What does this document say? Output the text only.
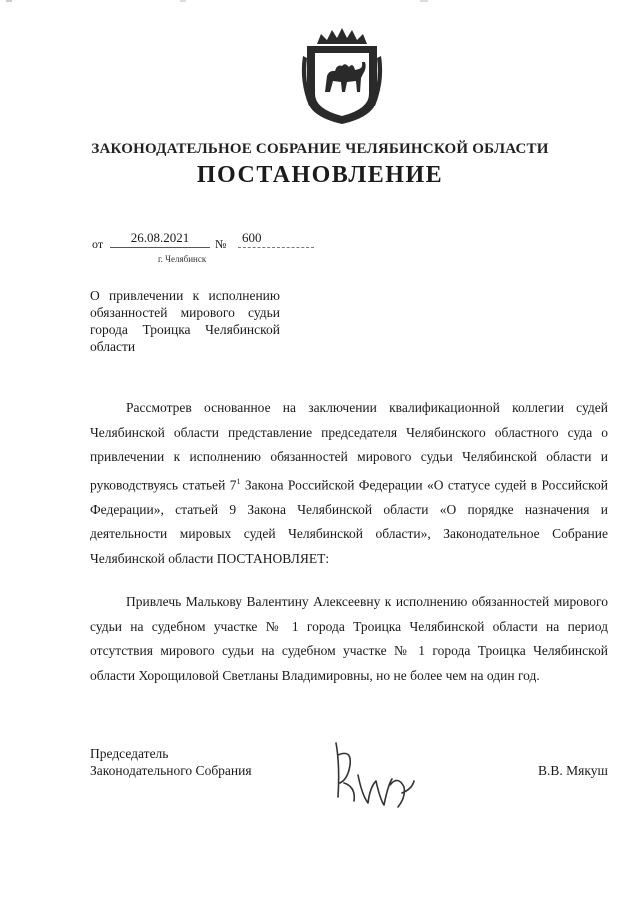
ЗАКОНОДАТЕЛЬНОЕ СОБРАНИЕ ЧЕЛЯБИНСКОЙ ОБЛАСТИ
ПОСТАНОВЛЕНИЕ
от	26.08.2021	№	600
г. Челябинск
О привлечении к исполнению обязанностей мирового судьи города Троицка Челябинской области
Рассмотрев основанное на заключении квалификационной коллегии судей Челябинской области представление председателя Челябинского областного суда о привлечении к исполнению обязанностей мирового судьи Челябинской области и руководствуясь статьей $7^1$ Закона Российской Федерации «О статусе судей в Российской Федерации», статьей 9 Закона Челябинской области «О порядке назначения и деятельности мировых судей Челябинской области», Законодательное Собрание Челябинской области ПОСТАНОВЛЯЕТ:
Привлечь Малькову Валентину Алексеевну к исполнению обязанностей мирового судьи на судебном участке № 1 города Троицка Челябинской области на период отсутствия мирового судьи на судебном участке № 1 города Троицка Челябинской области Хорощиловой Светланы Владимировны, но не более чем на один год.
Председатель
Законодательного Собрания	В.В. Мякуш
